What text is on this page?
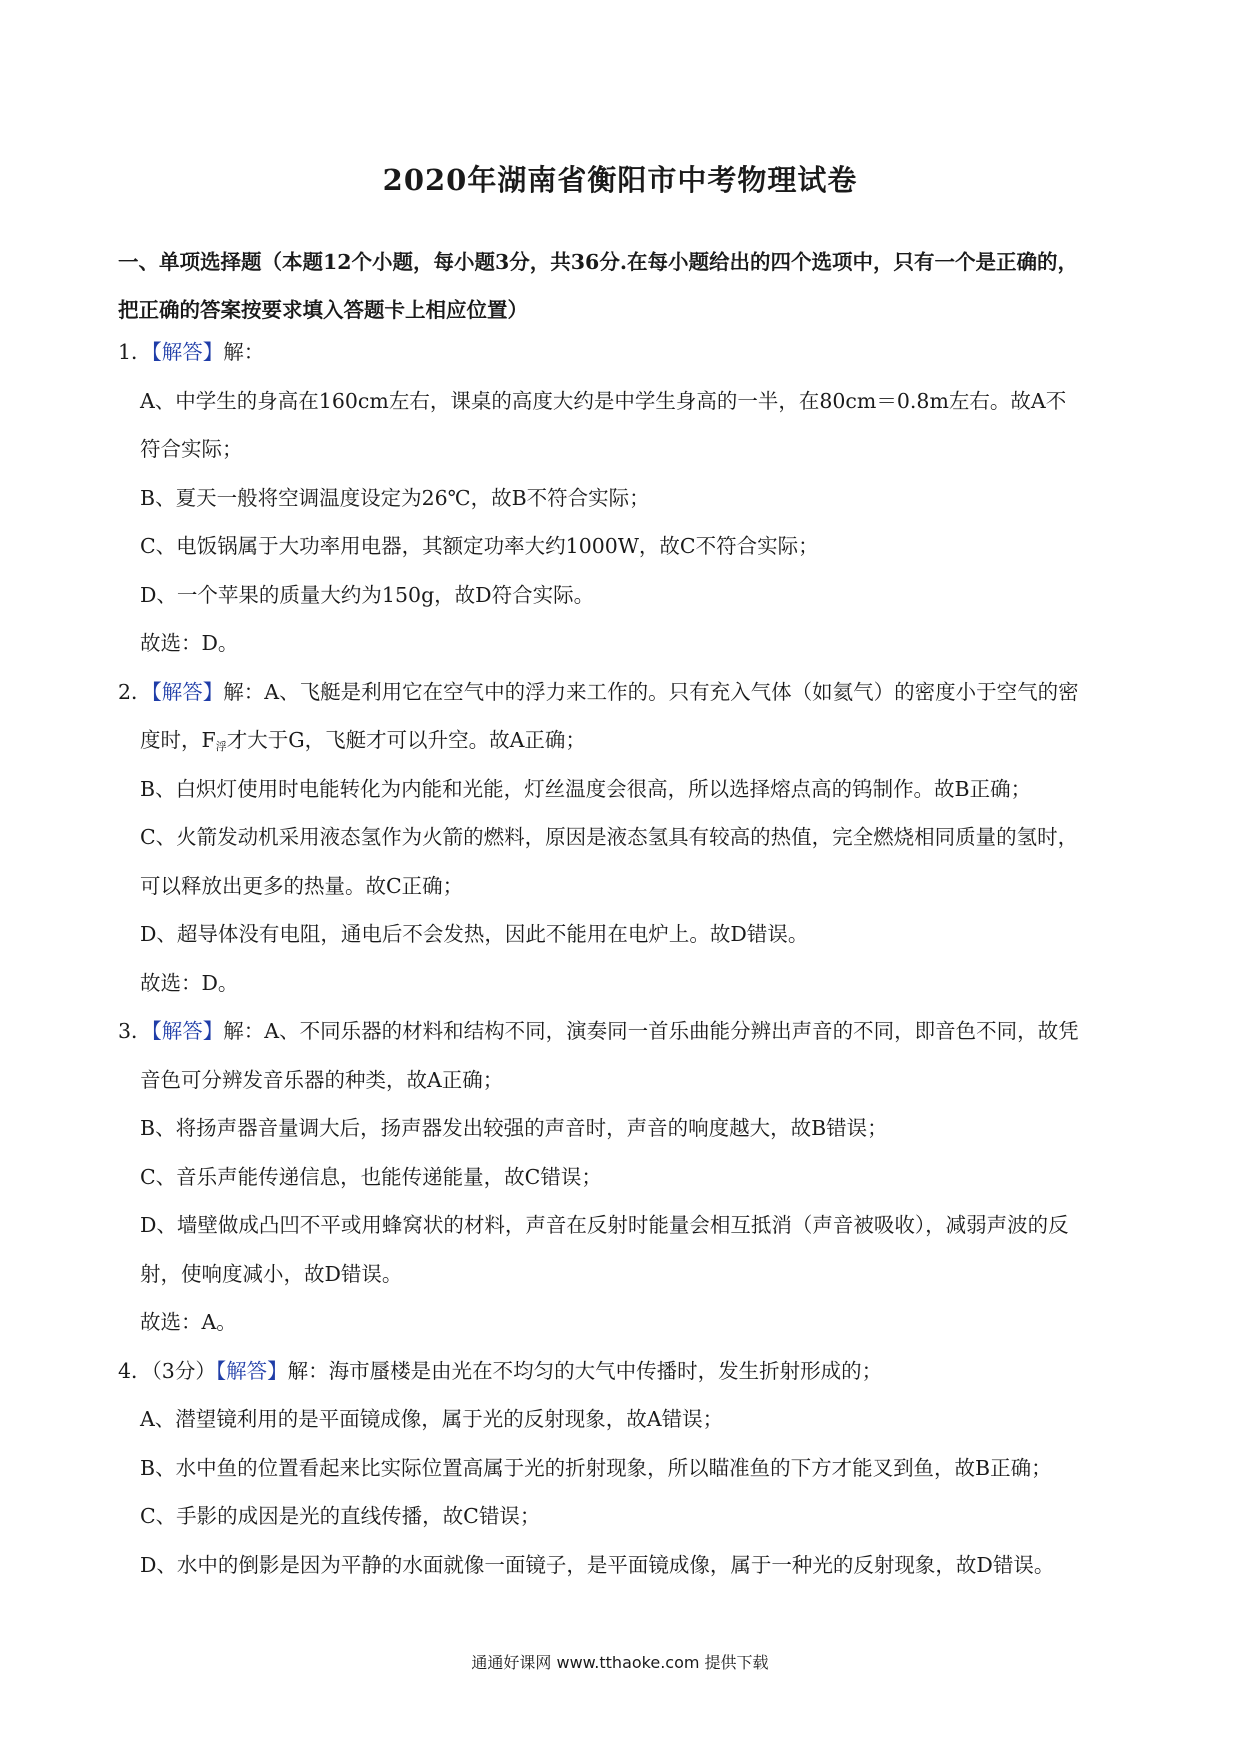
2020年湖南省衡阳市中考物理试卷
一、单项选择题（本题12个小题，每小题3分，共36分.在每小题给出的四个选项中，只有一个是正确的，
把正确的答案按要求填入答题卡上相应位置）
1．【解答】解：
A、中学生的身高在160cm左右，课桌的高度大约是中学生身高的一半，在80cm＝0.8m左右。故A不
符合实际；
B、夏天一般将空调温度设定为26℃，故B不符合实际；
C、电饭锅属于大功率用电器，其额定功率大约1000W，故C不符合实际；
D、一个苹果的质量大约为150g，故D符合实际。
故选：D。
2．【解答】解：A、飞艇是利用它在空气中的浮力来工作的。只有充入气体（如氦气）的密度小于空气的密
度时，$F_浮$才大于G，飞艇才可以升空。故A正确；
B、白炽灯使用时电能转化为内能和光能，灯丝温度会很高，所以选择熔点高的钨制作。故B正确；
C、火箭发动机采用液态氢作为火箭的燃料，原因是液态氢具有较高的热值，完全燃烧相同质量的氢时，
可以释放出更多的热量。故C正确；
D、超导体没有电阻，通电后不会发热，因此不能用在电炉上。故D错误。
故选：D。
3．【解答】解：A、不同乐器的材料和结构不同，演奏同一首乐曲能分辨出声音的不同，即音色不同，故凭
音色可分辨发音乐器的种类，故A正确；
B、将扬声器音量调大后，扬声器发出较强的声音时，声音的响度越大，故B错误；
C、音乐声能传递信息，也能传递能量，故C错误；
D、墙壁做成凸凹不平或用蜂窝状的材料，声音在反射时能量会相互抵消（声音被吸收），减弱声波的反
射，使响度减小，故D错误。
故选：A。
4．（3分）【解答】解：海市蜃楼是由光在不均匀的大气中传播时，发生折射形成的；
A、潜望镜利用的是平面镜成像，属于光的反射现象，故A错误；
B、水中鱼的位置看起来比实际位置高属于光的折射现象，所以瞄准鱼的下方才能叉到鱼，故B正确；
C、手影的成因是光的直线传播，故C错误；
D、水中的倒影是因为平静的水面就像一面镜子，是平面镜成像，属于一种光的反射现象，故D错误。
通通好课网 www.tthaoke.com 提供下载
